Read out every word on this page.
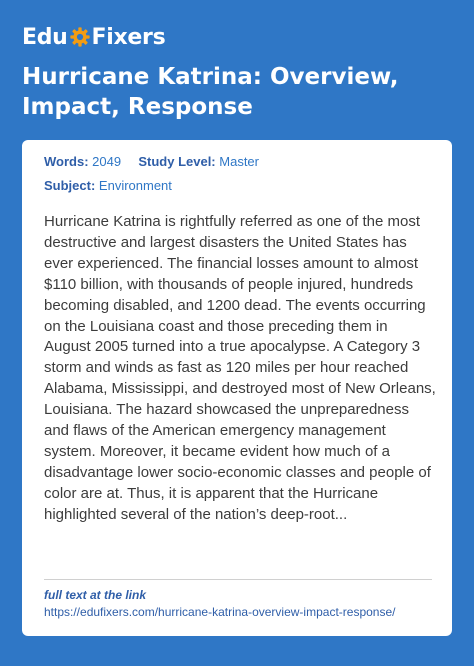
Edu Fixers
Hurricane Katrina: Overview, Impact, Response
Words: 2049 Study Level: Master
Subject: Environment

Hurricane Katrina is rightfully referred as one of the most destructive and largest disasters the United States has ever experienced. The financial losses amount to almost $110 billion, with thousands of people injured, hundreds becoming disabled, and 1200 dead. The events occurring on the Louisiana coast and those preceding them in August 2005 turned into a true apocalypse. A Category 3 storm and winds as fast as 120 miles per hour reached Alabama, Mississippi, and destroyed most of New Orleans, Louisiana. The hazard showcased the unpreparedness and flaws of the American emergency management system. Moreover, it became evident how much of a disadvantage lower socio-economic classes and people of color are at. Thus, it is apparent that the Hurricane highlighted several of the nation’s deep-root...

full text at the link
https://edufixers.com/hurricane-katrina-overview-impact-response/
